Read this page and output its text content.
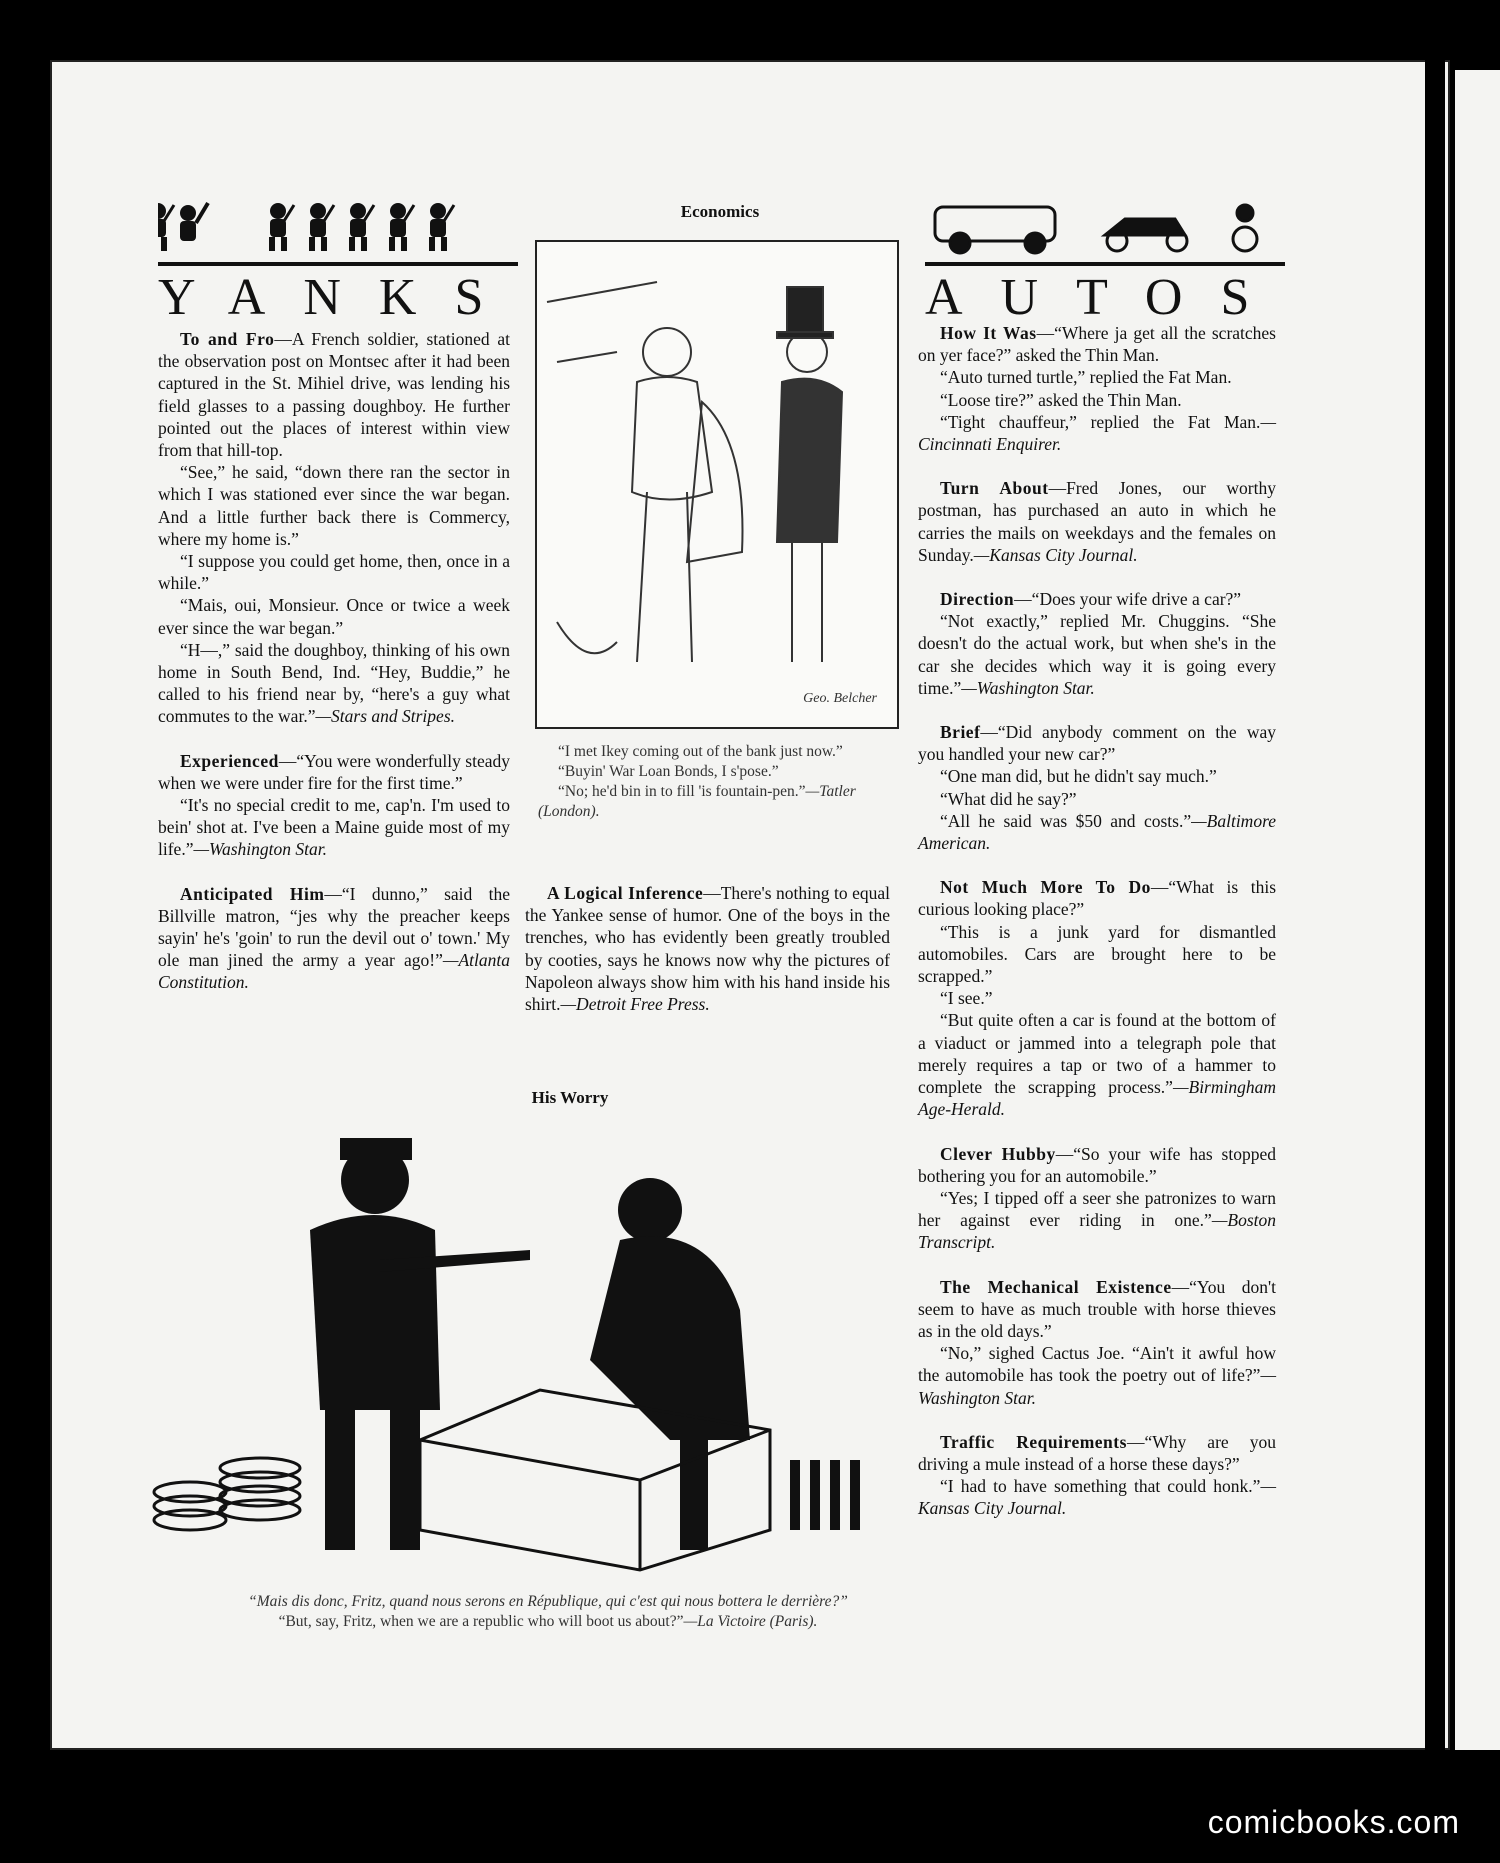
YANKS	AUTOS

To and Fro—A French soldier, stationed at the observation post on Montsec after it had been captured in the St. Mihiel drive, was lending his field glasses to a passing doughboy. He further pointed out the places of interest within view from that hill-top.

“See,” he said, “down there ran the sector in which I was stationed ever since the war began. And a little further back there is Commercy, where my home is.”

“I suppose you could get home, then, once in a while.”

“Mais, oui, Monsieur. Once or twice a week ever since the war began.”

“H—,” said the doughboy, thinking of his own home in South Bend, Ind. “Hey, Buddie,” he called to his friend near by, “here's a guy what commutes to the war.”—Stars and Stripes.

Experienced—“You were wonderfully steady when we were under fire for the first time.”

“It's no special credit to me, cap'n. I'm used to bein' shot at. I've been a Maine guide most of my life.”—Washington Star.

Anticipated Him—“I dunno,” said the Billville matron, “jes why the preacher keeps sayin' he's 'goin' to run the devil out o' town.' My ole man jined the army a year ago!”—Atlanta Constitution.

Economics
Geo. Belcher

“I met Ikey coming out of the bank just now.”

“Buyin' War Loan Bonds, I s'pose.”

“No; he'd bin in to fill 'is fountain-pen.”—Tatler (London).

A Logical Inference—There's nothing to equal the Yankee sense of humor. One of the boys in the trenches, who has evidently been greatly troubled by cooties, says he knows now why the pictures of Napoleon always show him with his hand inside his shirt.—Detroit Free Press.

How It Was—“Where ja get all the scratches on yer face?” asked the Thin Man.

“Auto turned turtle,” replied the Fat Man.

“Loose tire?” asked the Thin Man.

“Tight chauffeur,” replied the Fat Man.—Cincinnati Enquirer.

Turn About—Fred Jones, our worthy postman, has purchased an auto in which he carries the mails on weekdays and the females on Sunday.—Kansas City Journal.

Direction—“Does your wife drive a car?”

“Not exactly,” replied Mr. Chuggins. “She doesn't do the actual work, but when she's in the car she decides which way it is going every time.”—Washington Star.

Brief—“Did anybody comment on the way you handled your new car?”

“One man did, but he didn't say much.”

“What did he say?”

“All he said was $50 and costs.”—Baltimore American.

Not Much More To Do—“What is this curious looking place?”

“This is a junk yard for dismantled automobiles. Cars are brought here to be scrapped.”

“I see.”

“But quite often a car is found at the bottom of a viaduct or jammed into a telegraph pole that merely requires a tap or two of a hammer to complete the scrapping process.”—Birmingham Age-Herald.

Clever Hubby—“So your wife has stopped bothering you for an automobile.”

“Yes; I tipped off a seer she patronizes to warn her against ever riding in one.”—Boston Transcript.

The Mechanical Existence—“You don't seem to have as much trouble with horse thieves as in the old days.”

“No,” sighed Cactus Joe. “Ain't it awful how the automobile has took the poetry out of life?”—Washington Star.

Traffic Requirements—“Why are you driving a mule instead of a horse these days?”

“I had to have something that could honk.”—Kansas City Journal.

His Worry
“Mais dis donc, Fritz, quand nous serons en République, qui c'est qui nous bottera le derrière?”
“But, say, Fritz, when we are a republic who will boot us about?”—La Victoire (Paris).
comicbooks.com
